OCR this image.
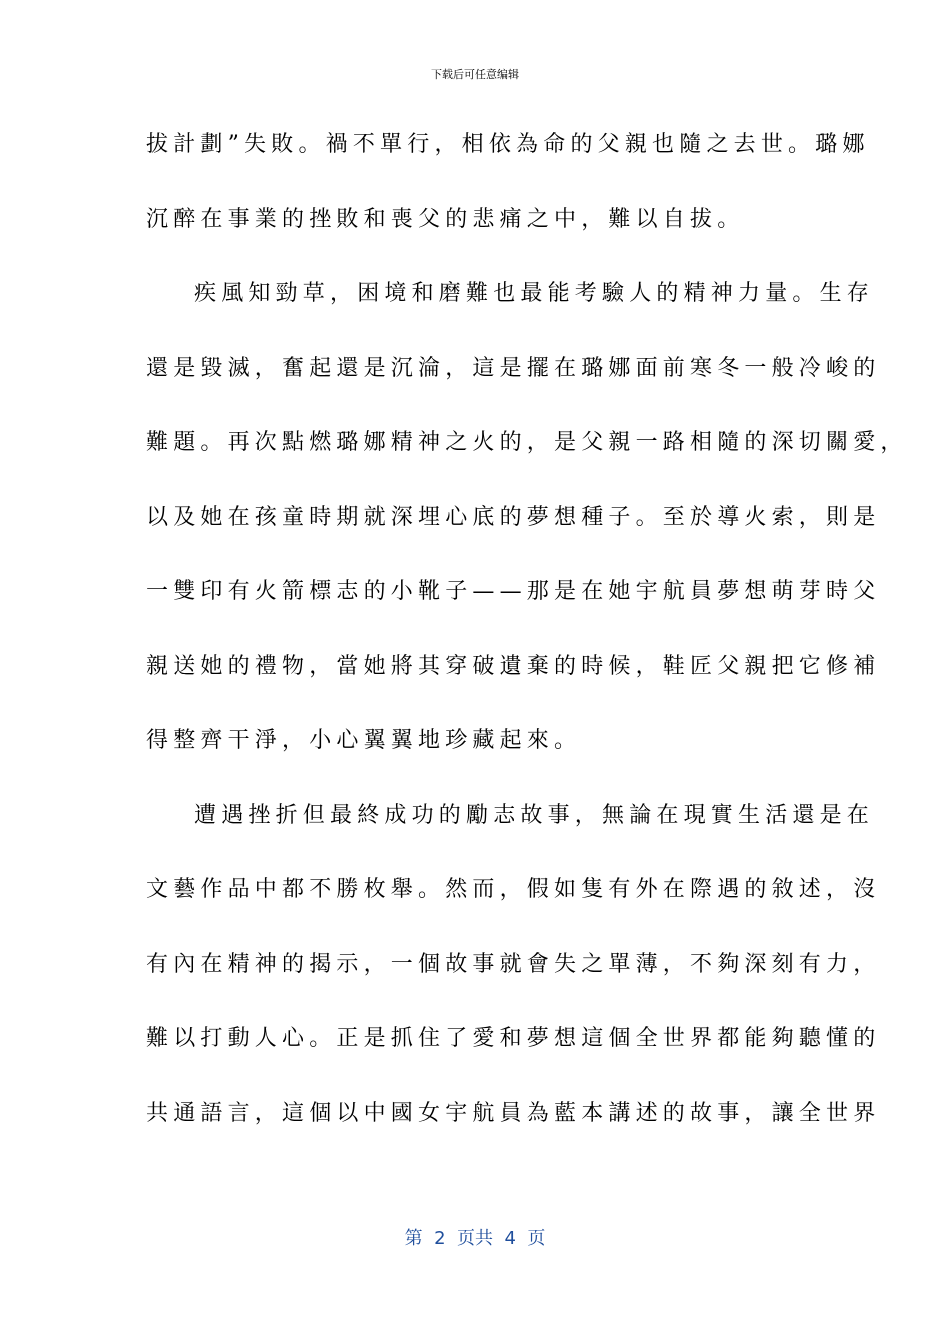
下载后可任意编辑
拔計劃”失敗。禍不單行，相依為命的父親也隨之去世。璐娜
沉醉在事業的挫敗和喪父的悲痛之中，難以自拔。
疾風知勁草，困境和磨難也最能考驗人的精神力量。生存
還是毀滅，奮起還是沉淪，這是擺在璐娜面前寒冬一般冷峻的
難題。再次點燃璐娜精神之火的，是父親一路相隨的深切關愛，
以及她在孩童時期就深埋心底的夢想種子。至於導火索，則是
一雙印有火箭標志的小靴子——那是在她宇航員夢想萌芽時父
親送她的禮物，當她將其穿破遺棄的時候，鞋匠父親把它修補
得整齊干淨，小心翼翼地珍藏起來。
遭遇挫折但最終成功的勵志故事，無論在現實生活還是在
文藝作品中都不勝枚舉。然而，假如隻有外在際遇的敘述，沒
有內在精神的揭示，一個故事就會失之單薄，不夠深刻有力，
難以打動人心。正是抓住了愛和夢想這個全世界都能夠聽懂的
共通語言，這個以中國女宇航員為藍本講述的故事，讓全世界
第  2  页共  4  页
